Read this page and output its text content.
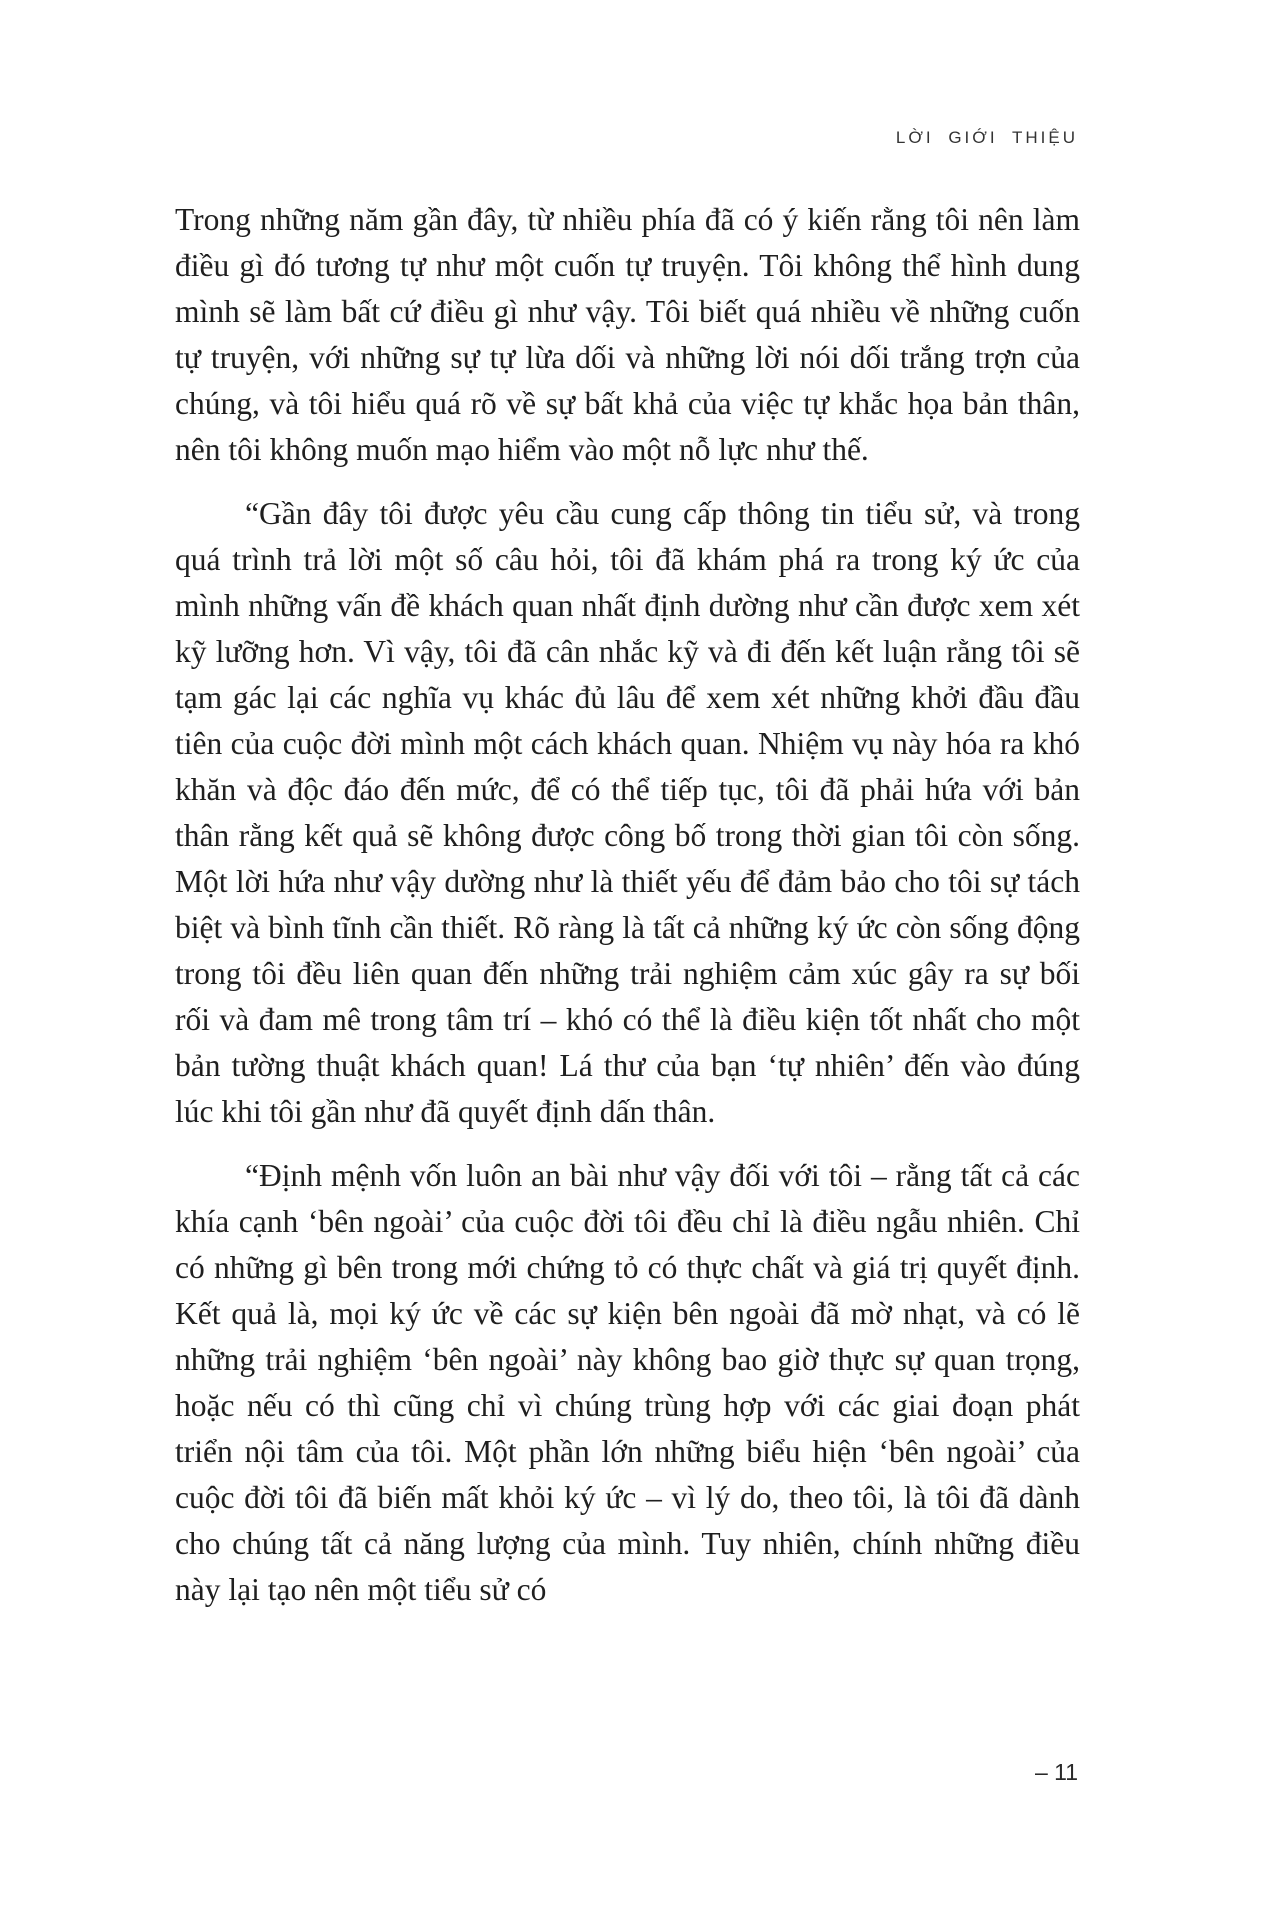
LỜI GIỚI THIỆU

Trong những năm gần đây, từ nhiều phía đã có ý kiến rằng tôi nên làm điều gì đó tương tự như một cuốn tự truyện. Tôi không thể hình dung mình sẽ làm bất cứ điều gì như vậy. Tôi biết quá nhiều về những cuốn tự truyện, với những sự tự lừa dối và những lời nói dối trắng trợn của chúng, và tôi hiểu quá rõ về sự bất khả của việc tự khắc họa bản thân, nên tôi không muốn mạo hiểm vào một nỗ lực như thế.

“Gần đây tôi được yêu cầu cung cấp thông tin tiểu sử, và trong quá trình trả lời một số câu hỏi, tôi đã khám phá ra trong ký ức của mình những vấn đề khách quan nhất định dường như cần được xem xét kỹ lưỡng hơn. Vì vậy, tôi đã cân nhắc kỹ và đi đến kết luận rằng tôi sẽ tạm gác lại các nghĩa vụ khác đủ lâu để xem xét những khởi đầu đầu tiên của cuộc đời mình một cách khách quan. Nhiệm vụ này hóa ra khó khăn và độc đáo đến mức, để có thể tiếp tục, tôi đã phải hứa với bản thân rằng kết quả sẽ không được công bố trong thời gian tôi còn sống. Một lời hứa như vậy dường như là thiết yếu để đảm bảo cho tôi sự tách biệt và bình tĩnh cần thiết. Rõ ràng là tất cả những ký ức còn sống động trong tôi đều liên quan đến những trải nghiệm cảm xúc gây ra sự bối rối và đam mê trong tâm trí – khó có thể là điều kiện tốt nhất cho một bản tường thuật khách quan! Lá thư của bạn ‘tự nhiên’ đến vào đúng lúc khi tôi gần như đã quyết định dấn thân.

“Định mệnh vốn luôn an bài như vậy đối với tôi – rằng tất cả các khía cạnh ‘bên ngoài’ của cuộc đời tôi đều chỉ là điều ngẫu nhiên. Chỉ có những gì bên trong mới chứng tỏ có thực chất và giá trị quyết định. Kết quả là, mọi ký ức về các sự kiện bên ngoài đã mờ nhạt, và có lẽ những trải nghiệm ‘bên ngoài’ này không bao giờ thực sự quan trọng, hoặc nếu có thì cũng chỉ vì chúng trùng hợp với các giai đoạn phát triển nội tâm của tôi. Một phần lớn những biểu hiện ‘bên ngoài’ của cuộc đời tôi đã biến mất khỏi ký ức – vì lý do, theo tôi, là tôi đã dành cho chúng tất cả năng lượng của mình. Tuy nhiên, chính những điều này lại tạo nên một tiểu sử có

– 11
